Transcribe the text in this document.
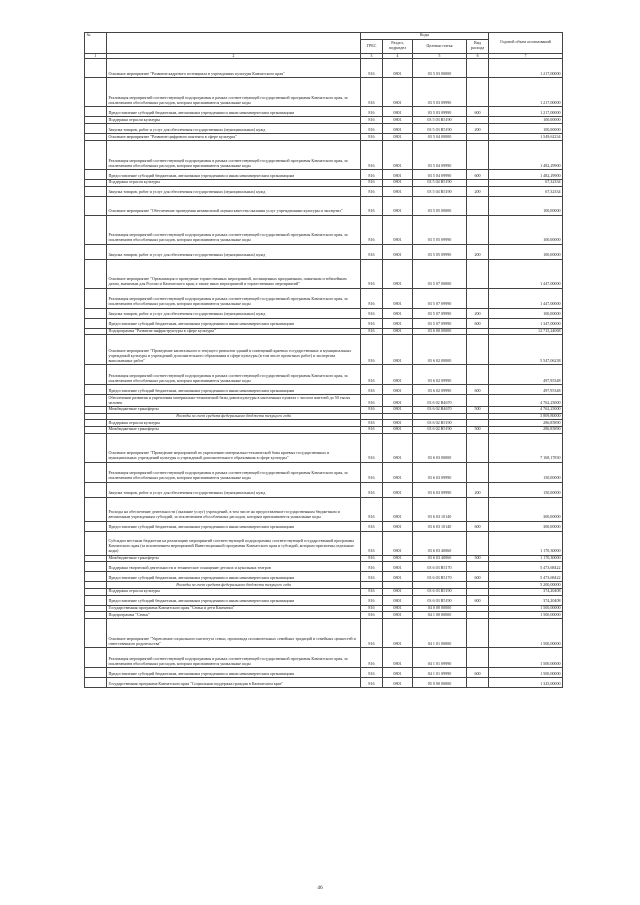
№		Коды				Годовой объем ассигнований
		ГРБС	Раздел, подраздел	Целевая статья	Вид расхода	
1	2	3	4	5	6	7
	Основное мероприятие "Развитие кадрового потенциала в учреждениях культуры Камчатского края"	816	0801	03 5 03 00000		1 217,00000
	Реализация мероприятий соответствующей подпрограммы в рамках соответствующей государственной программы Камчатского края, за исключением обособленных расходов, которым присваиваются уникальные коды	816	0801	03 5 03 09990		1 217,00000
	Предоставление субсидий бюджетным, автономным учреждениям и иным некоммерческим организациям	816	0801	03 5 03 09990	600	1 217,00000
	Поддержка отрасли культуры	816	0801	03 5 03 R5190		100,00000
	Закупка товаров, работ и услуг для обеспечения государственных (муниципальных) нужд	816	0801	03 5 03 R5190	200	100,00000
	Основное мероприятие "Развитие цифрового контента в сфере культуры"	816	0801	03 5 04 00000		1 549,62234
	Реализация мероприятий соответствующей подпрограммы в рамках соответствующей государственной программы Камчатского края, за исключением обособленных расходов, которым присваиваются уникальные коды	816	0801	03 5 04 09990		1 482,29900
	Предоставление субсидий бюджетным, автономным учреждениям и иным некоммерческим организациям	816	0801	03 5 04 09990	600	1 482,29900
	Поддержка отрасли культуры	816	0801	03 5 04 R5190		67,32334
	Закупка товаров, работ и услуг для обеспечения государственных (муниципальных) нужд	816	0801	03 5 04 R5190	200	67,32334
	Основное мероприятие "Обеспечение проведения независимой оценки качества оказания услуг учреждениями культуры и экспертиз"	816	0801	03 5 05 00000		100,00000
	Реализация мероприятий соответствующей подпрограммы в рамках соответствующей государственной программы Камчатского края, за исключением обособленных расходов, которым присваиваются уникальные коды	816	0801	03 5 05 09990		100,00000
	Закупка товаров, работ и услуг для обеспечения государственных (муниципальных) нужд	816	0801	03 5 05 09990	200	100,00000
	Основное мероприятие "Организация и проведение торжественных мероприятий, посвященных праздничным, памятным и юбилейным датам, значимым для России и Камчатского края, а также иных мероприятий и торжественных мероприятий"	816	0801	03 5 07 00000		1 447,00000
	Реализация мероприятий соответствующей подпрограммы в рамках соответствующей государственной программы Камчатского края, за исключением обособленных расходов, которым присваиваются уникальные коды	816	0801	03 5 07 09990		1 447,00000
	Закупка товаров, работ и услуг для обеспечения государственных (муниципальных) нужд	816	0801	03 5 07 09990	200	100,00000
	Предоставление субсидий бюджетным, автономным учреждениям и иным некоммерческим организациям	816	0801	03 5 07 09990	600	1 347,00000
	Подпрограмма "Развитие инфраструктуры в сфере культуры"	816	0801	03 6 00 00000		12 715,24068
	Основное мероприятие "Проведение капитального и текущего ремонтов зданий и помещений краевых государственных и муниципальных учреждений культуры и учреждений дополнительного образования в сфере культуры (в том числе проектных работ) и экспертиза выполненных работ"	816	0801	03 6 02 00000		5 547,06238
	Реализация мероприятий соответствующей подпрограммы в рамках соответствующей государственной программы Камчатского края, за исключением обособленных расходов, которым присваиваются уникальные коды	816	0801	03 6 02 09990		497,95348
	Предоставление субсидий бюджетным, автономным учреждениям и иным некоммерческим организациям	816	0801	03 6 02 09990	600	497,95348
	Обеспечение развития и укрепления материально-технической базы домов культуры в населенных пунктах с числом жителей до 50 тысяч человек	816	0801	03 6 02 R4670		4 762,25000
	Межбюджетные трансферты	816	0801	03 6 02 R4670	500	4 762,25000
	Расходы за счет средств федерального бюджета текущего года					3 809,80000
	Поддержка отрасли культуры	816	0801	03 6 02 R5190		286,85890
	Межбюджетные трансферты	816	0801	03 6 02 R5190	500	286,85890
	Основное мероприятие "Проведение мероприятий по укреплению материально-технической базы краевых государственных и муниципальных учреждений культуры и учреждений дополнительного образования в сфере культуры"	816	0801	03 6 03 00000		7 168,17830
	Реализация мероприятий соответствующей подпрограммы в рамках соответствующей государственной программы Камчатского края, за исключением обособленных расходов, которым присваиваются уникальные коды	816	0801	03 6 03 09990		150,00000
	Закупка товаров, работ и услуг для обеспечения государственных (муниципальных) нужд	816	0801	03 6 03 09990	200	150,00000
	Расходы на обеспечение деятельности (оказание услуг) учреждений, в том числе на предоставление государственным бюджетным и автономным учреждениям субсидий, за исключением обособленных расходов, которым присваиваются уникальные коды	816	0801	03 6 03 10140		300,00000
	Предоставление субсидий бюджетным, автономным учреждениям и иным некоммерческим организациям	816	0801	03 6 03 10140	600	300,00000
	Субсидии местным бюджетам на реализацию мероприятий соответствующей подпрограммы соответствующей государственной программы Камчатского края (за исключением мероприятий Инвестиционной программы Камчатского края и субсидий, которым присвоены отдельные коды)	816	0801	03 6 03 40060		1 170,30000
	Межбюджетные трансферты	816	0801	03 6 03 40060	500	1 170,30000
	Поддержка творческой деятельности и техническое оснащение детских и кукольных театров	816	0801	03 6 03 R5170		5 473,68422
	Предоставление субсидий бюджетным, автономным учреждениям и иным некоммерческим организациям	816	0801	03 6 03 R5170	600	5 473,68422
	Расходы за счет средств федерального бюджета текущего года					5 200,00000
	Поддержка отрасли культуры	816	0801	03 6 03 R5190		374,20408
	Предоставление субсидий бюджетным, автономным учреждениям и иным некоммерческим организациям	816	0801	03 6 03 R5190	600	374,20408
	Государственная программа Камчатского края "Семья и дети Камчатки"	816	0801	04 0 00 00000		1 500,00000
	Подпрограмма "Семья"	816	0801	04 1 00 00000		1 500,00000
	Основное мероприятие "Укрепление социального института семьи, пропаганда положительных семейных традиций и семейных ценностей и ответственного родительства"	816	0801	04 1 01 00000		1 500,00000
	Реализация мероприятий соответствующей подпрограммы в рамках соответствующей государственной программы Камчатского края, за исключением обособленных расходов, которым присваиваются уникальные коды	816	0801	04 1 01 09990		1 500,00000
	Предоставление субсидий бюджетным, автономным учреждениям и иным некоммерческим организациям	816	0801	04 1 01 09990	600	1 500,00000
	Государственная программа Камчатского края "Социальная поддержка граждан в Камчатском крае"	816	0801	05 0 00 00000		1 325,00000
46
